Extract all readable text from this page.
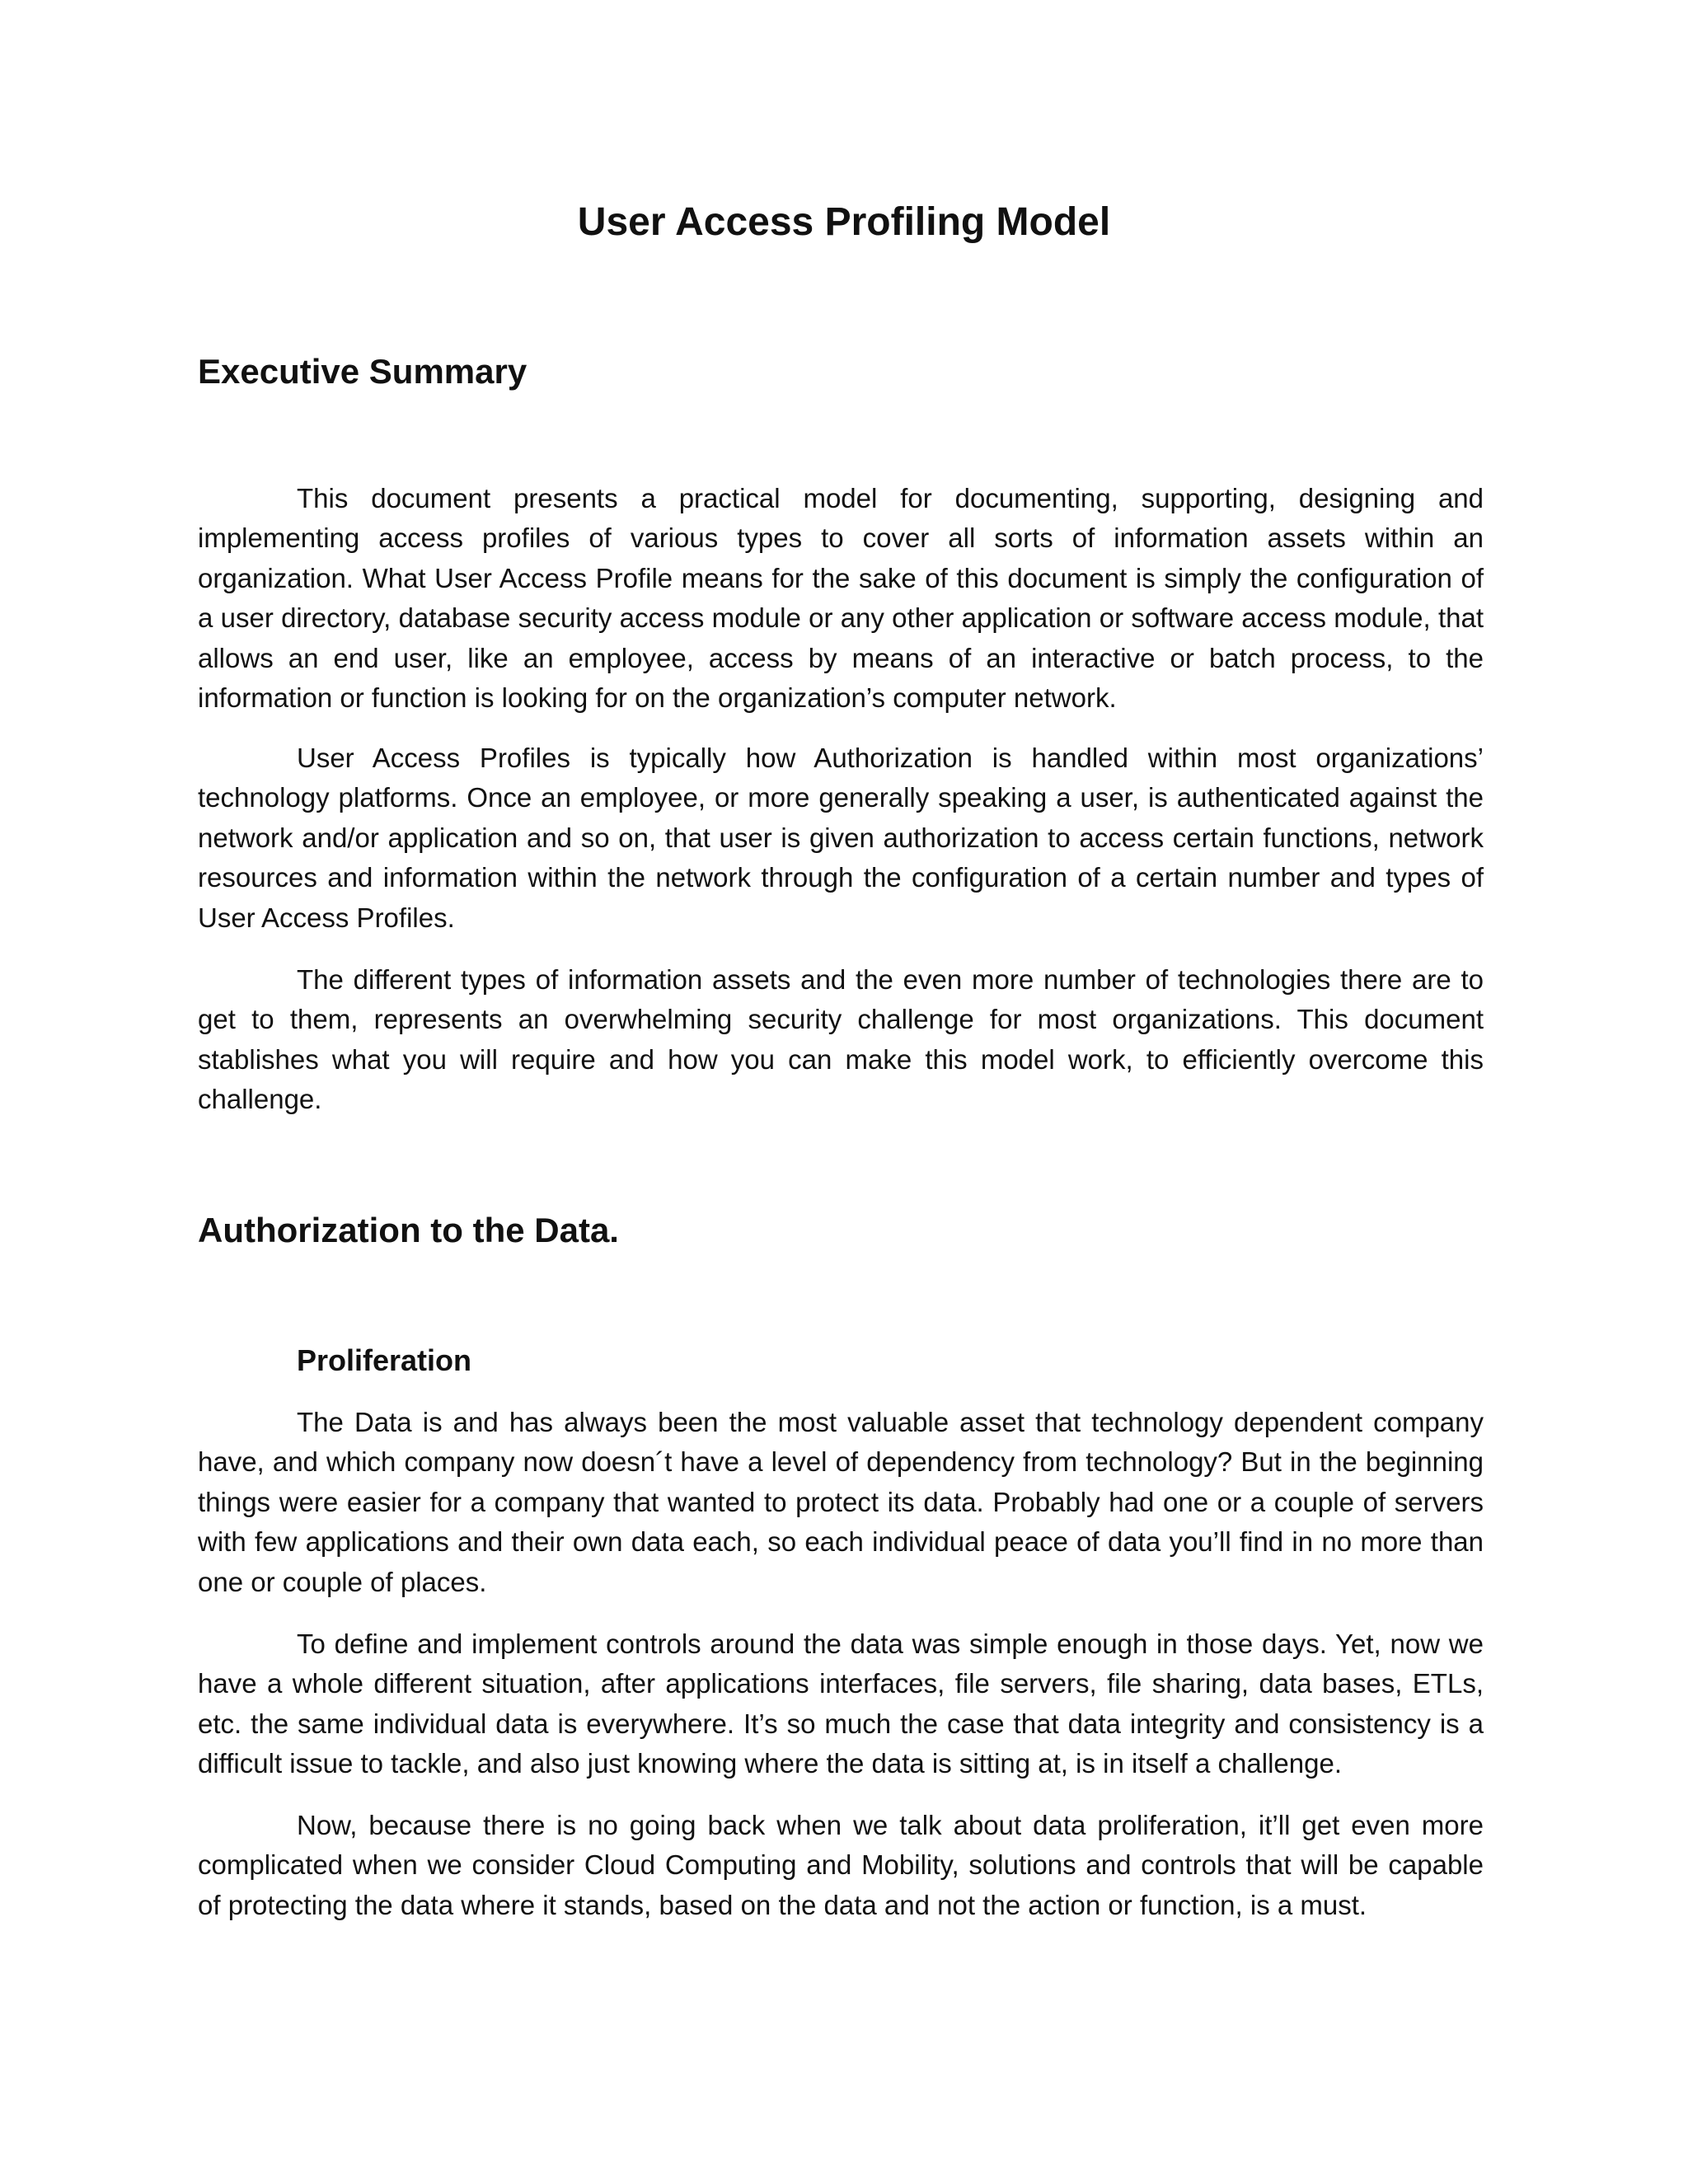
User Access Profiling Model
Executive Summary

This document presents a practical model for documenting, supporting, designing and implementing access profiles of various types to cover all sorts of information assets within an organization. What User Access Profile means for the sake of this document is simply the configuration of a user directory, database security access module or any other application or software access module, that allows an end user, like an employee, access by means of an interactive or batch process, to the information or function is looking for on the organization’s computer network.

User Access Profiles is typically how Authorization is handled within most organizations’ technology platforms. Once an employee, or more generally speaking a user, is authenticated against the network and/or application and so on, that user is given authorization to access certain functions, network resources and information within the network through the configuration of a certain number and types of User Access Profiles.

The different types of information assets and the even more number of technologies there are to get to them, represents an overwhelming security challenge for most organizations. This document stablishes what you will require and how you can make this model work, to efficiently overcome this challenge.

Authorization to the Data.
Proliferation

The Data is and has always been the most valuable asset that technology dependent company have, and which company now doesn´t have a level of dependency from technology? But in the beginning things were easier for a company that wanted to protect its data. Probably had one or a couple of servers with few applications and their own data each, so each individual peace of data you’ll find in no more than one or couple of places.

To define and implement controls around the data was simple enough in those days. Yet, now we have a whole different situation, after applications interfaces, file servers, file sharing, data bases, ETLs, etc. the same individual data is everywhere. It’s so much the case that data integrity and consistency is a difficult issue to tackle, and also just knowing where the data is sitting at, is in itself a challenge.

Now, because there is no going back when we talk about data proliferation, it’ll get even more complicated when we consider Cloud Computing and Mobility, solutions and controls that will be capable of protecting the data where it stands, based on the data and not the action or function, is a must.
